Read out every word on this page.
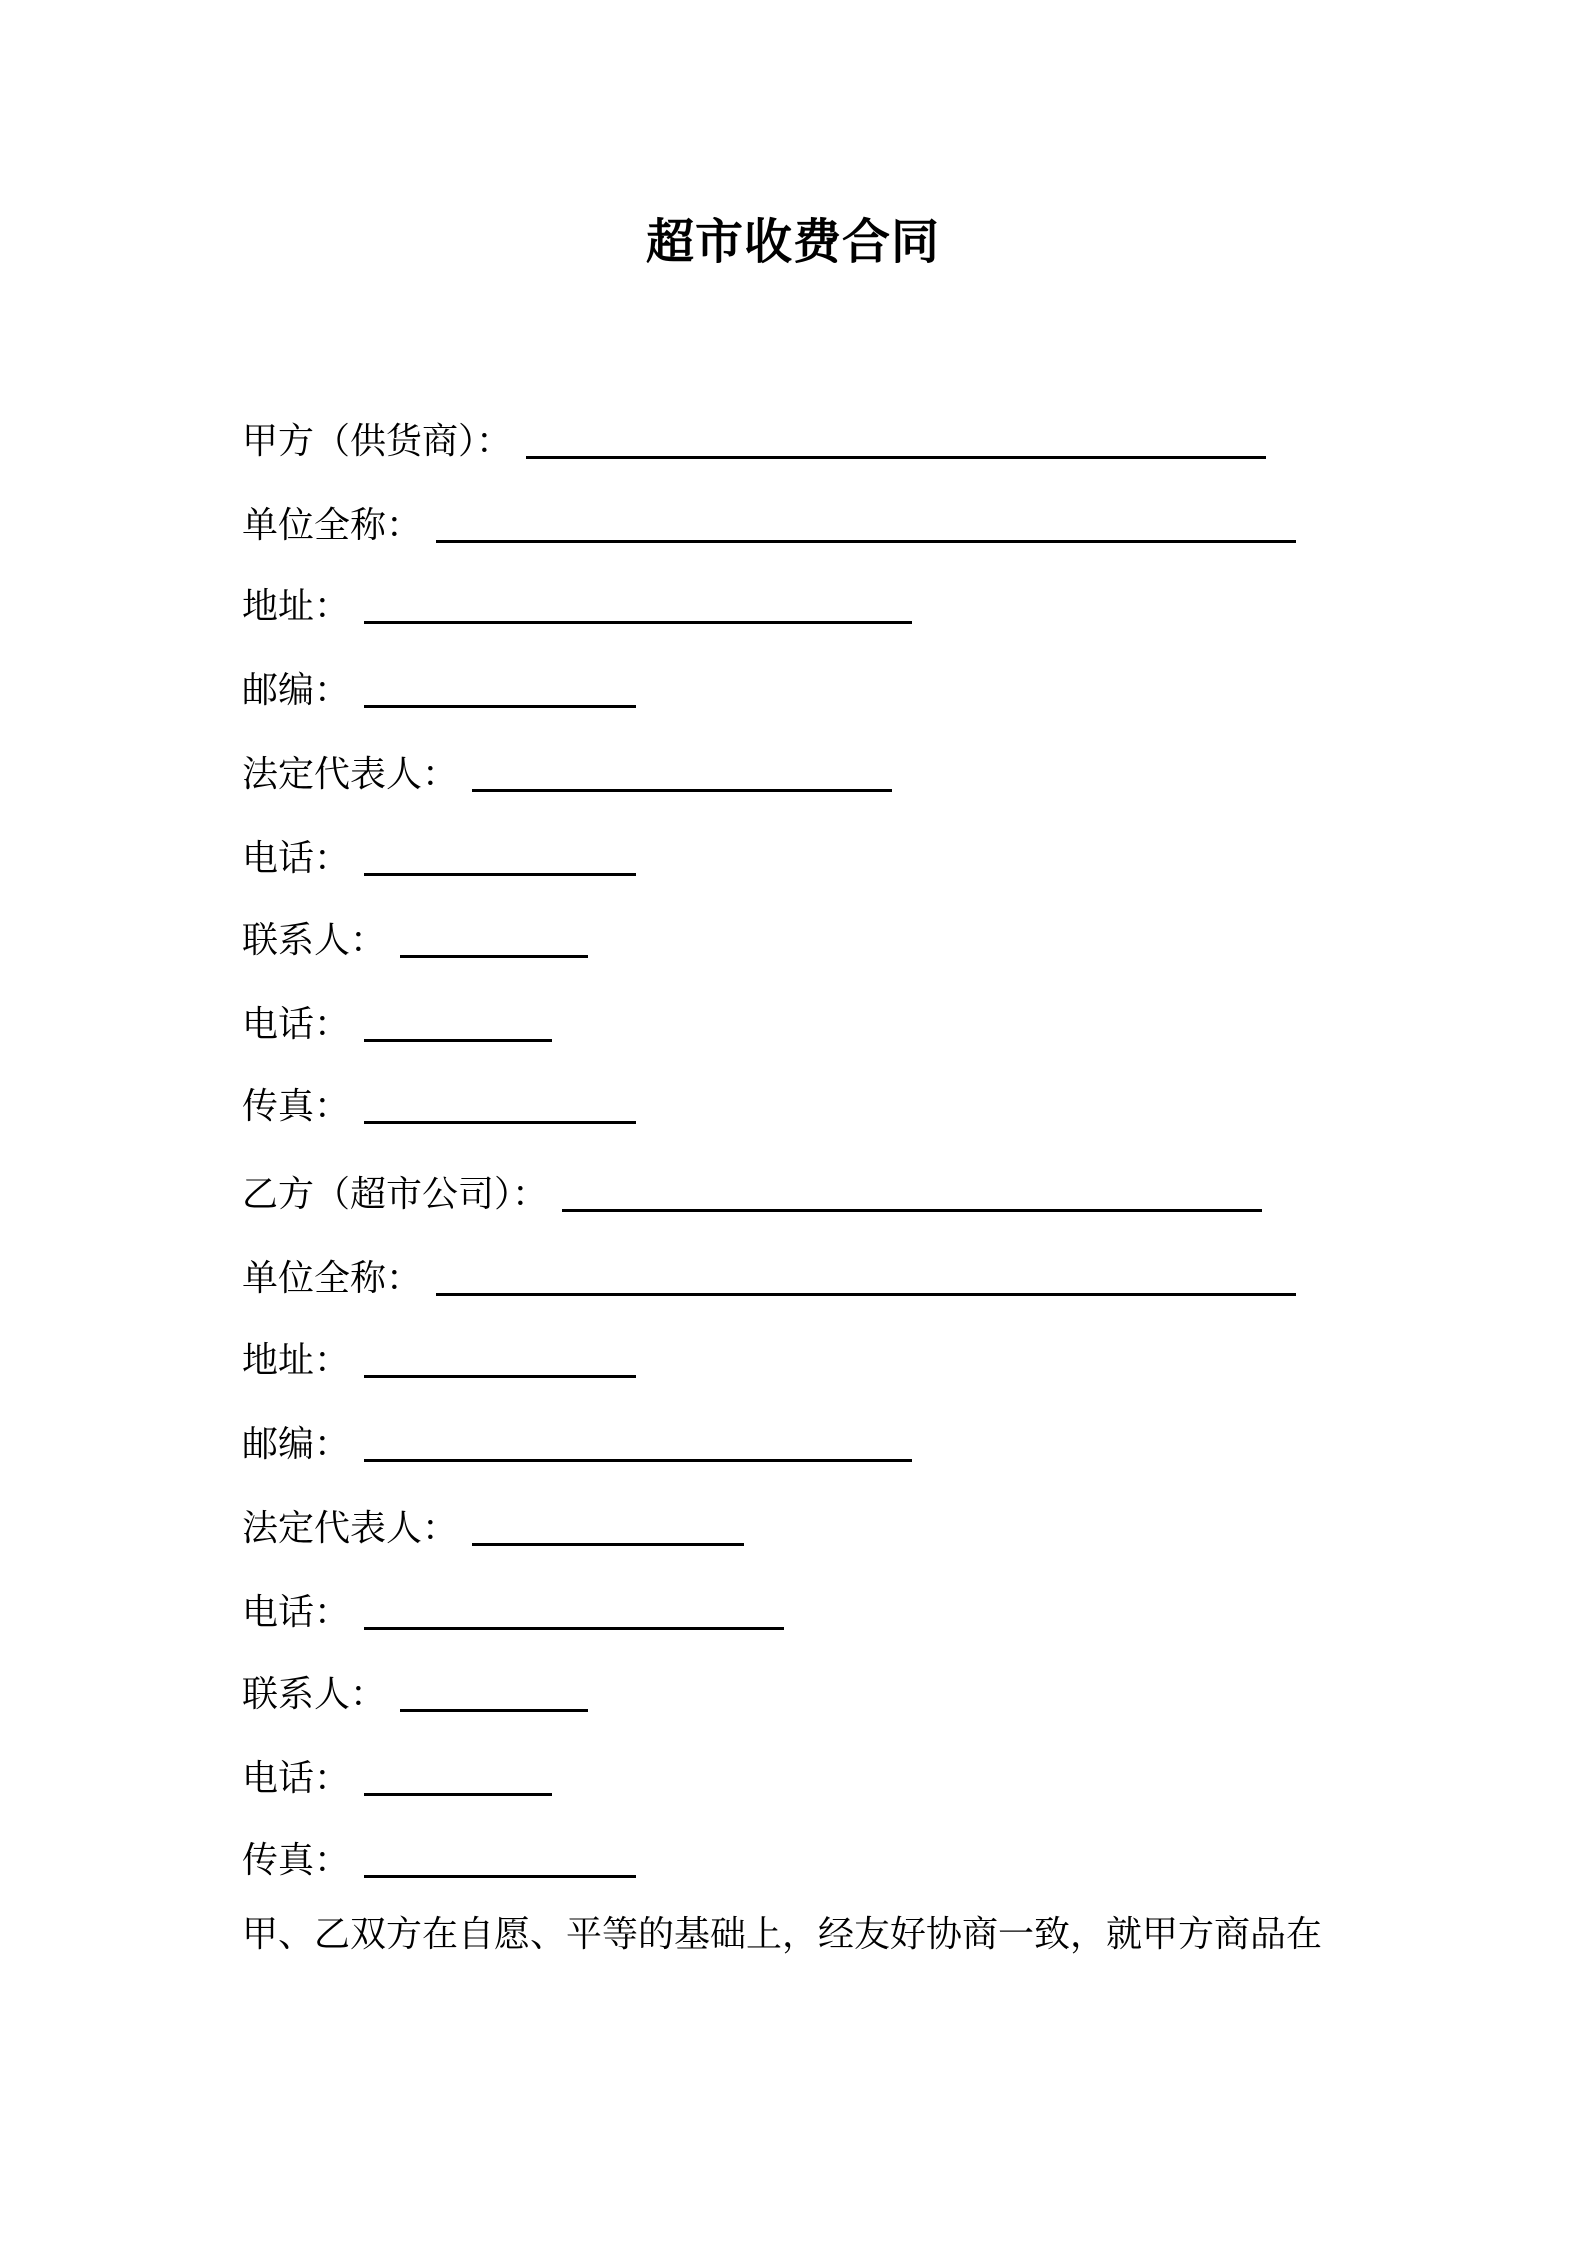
超市收费合同
甲方（供货商）：
单位全称：
地址：
邮编：
法定代表人：
电话：
联系人：
电话：
传真：
乙方（超市公司）：
单位全称：
地址：
邮编：
法定代表人：
电话：
联系人：
电话：
传真：
甲、乙双方在自愿、平等的基础上，经友好协商一致，就甲方商品在
